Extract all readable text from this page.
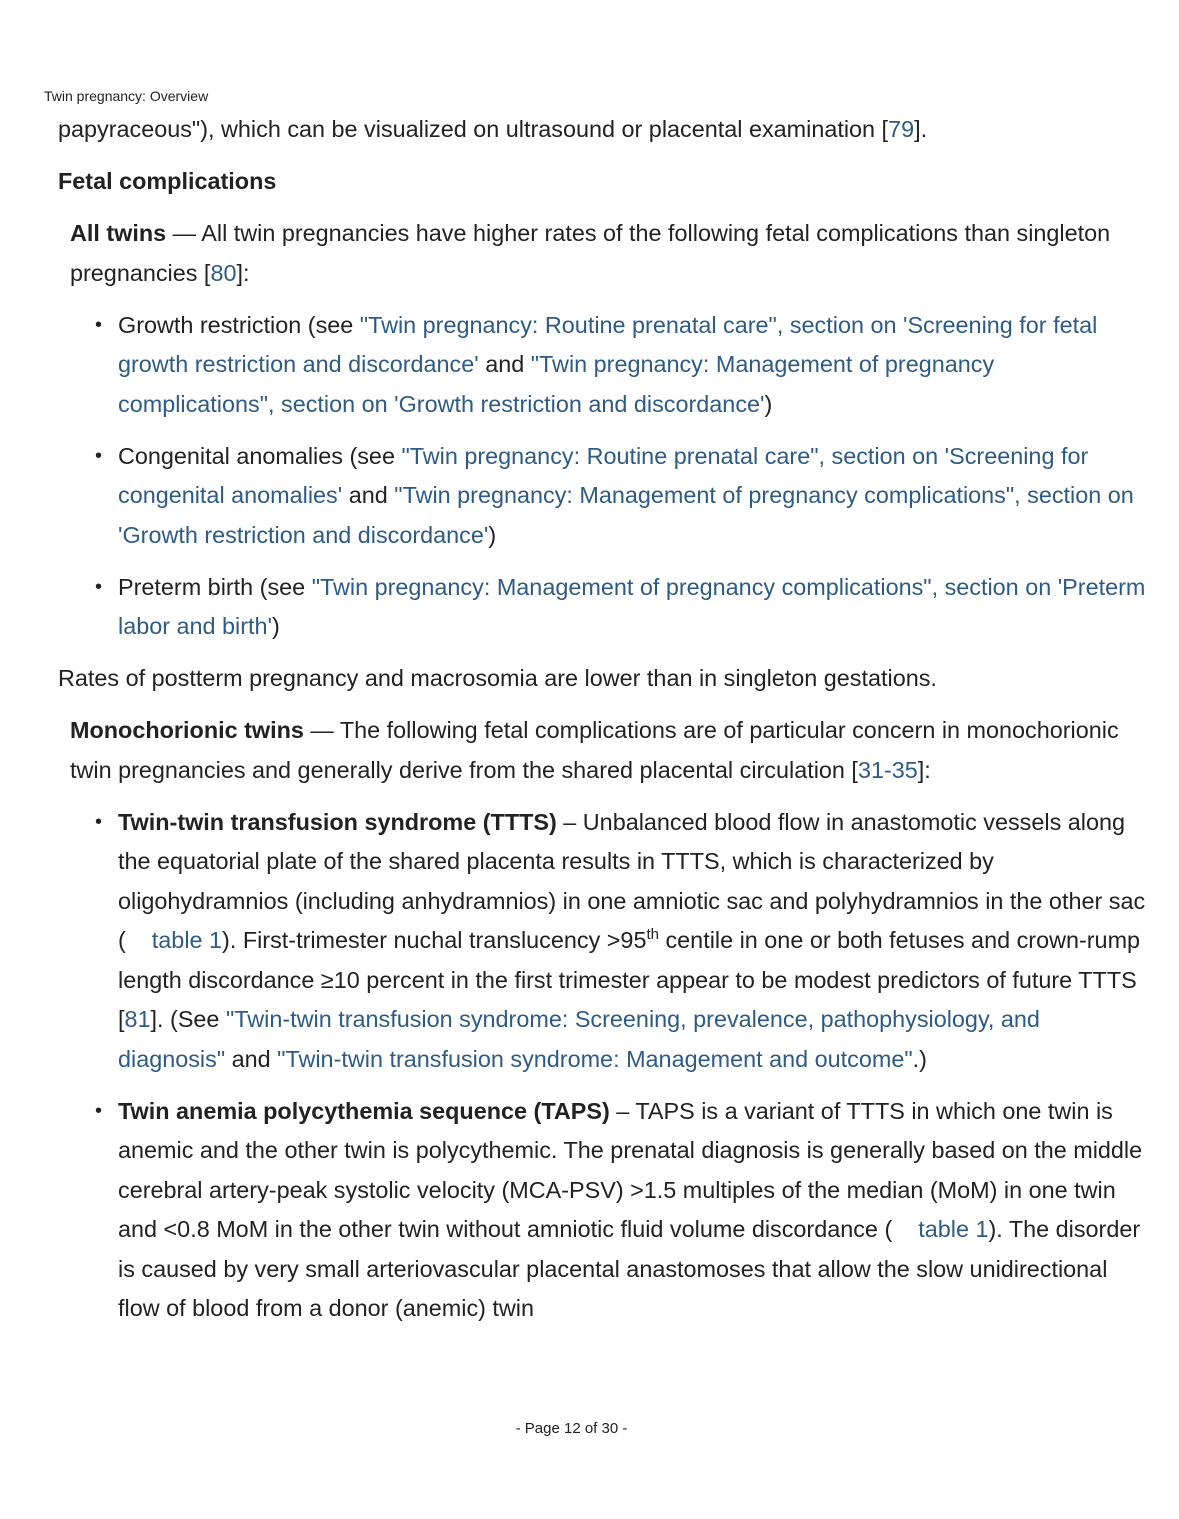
Twin pregnancy: Overview

papyraceous"), which can be visualized on ultrasound or placental examination [79].

Fetal complications

All twins — All twin pregnancies have higher rates of the following fetal complications than singleton pregnancies [80]:

• Growth restriction (see "Twin pregnancy: Routine prenatal care", section on 'Screening for fetal growth restriction and discordance' and "Twin pregnancy: Management of pregnancy complications", section on 'Growth restriction and discordance')
• Congenital anomalies (see "Twin pregnancy: Routine prenatal care", section on 'Screening for congenital anomalies' and "Twin pregnancy: Management of pregnancy complications", section on 'Growth restriction and discordance')
• Preterm birth (see "Twin pregnancy: Management of pregnancy complications", section on 'Preterm labor and birth')

Rates of postterm pregnancy and macrosomia are lower than in singleton gestations.

Monochorionic twins — The following fetal complications are of particular concern in monochorionic twin pregnancies and generally derive from the shared placental circulation [31-35]:

• Twin-twin transfusion syndrome (TTTS) – Unbalanced blood flow in anastomotic vessels along the equatorial plate of the shared placenta results in TTTS, which is characterized by oligohydramnios (including anhydramnios) in one amniotic sac and polyhydramnios in the other sac ( table 1). First-trimester nuchal translucency >95th centile in one or both fetuses and crown-rump length discordance ≥10 percent in the first trimester appear to be modest predictors of future TTTS [81]. (See "Twin-twin transfusion syndrome: Screening, prevalence, pathophysiology, and diagnosis" and "Twin-twin transfusion syndrome: Management and outcome".)
• Twin anemia polycythemia sequence (TAPS) – TAPS is a variant of TTTS in which one twin is anemic and the other twin is polycythemic. The prenatal diagnosis is generally based on the middle cerebral artery-peak systolic velocity (MCA-PSV) >1.5 multiples of the median (MoM) in one twin and <0.8 MoM in the other twin without amniotic fluid volume discordance ( table 1). The disorder is caused by very small arteriovascular placental anastomoses that allow the slow unidirectional flow of blood from a donor (anemic) twin
- Page 12 of 30 -
